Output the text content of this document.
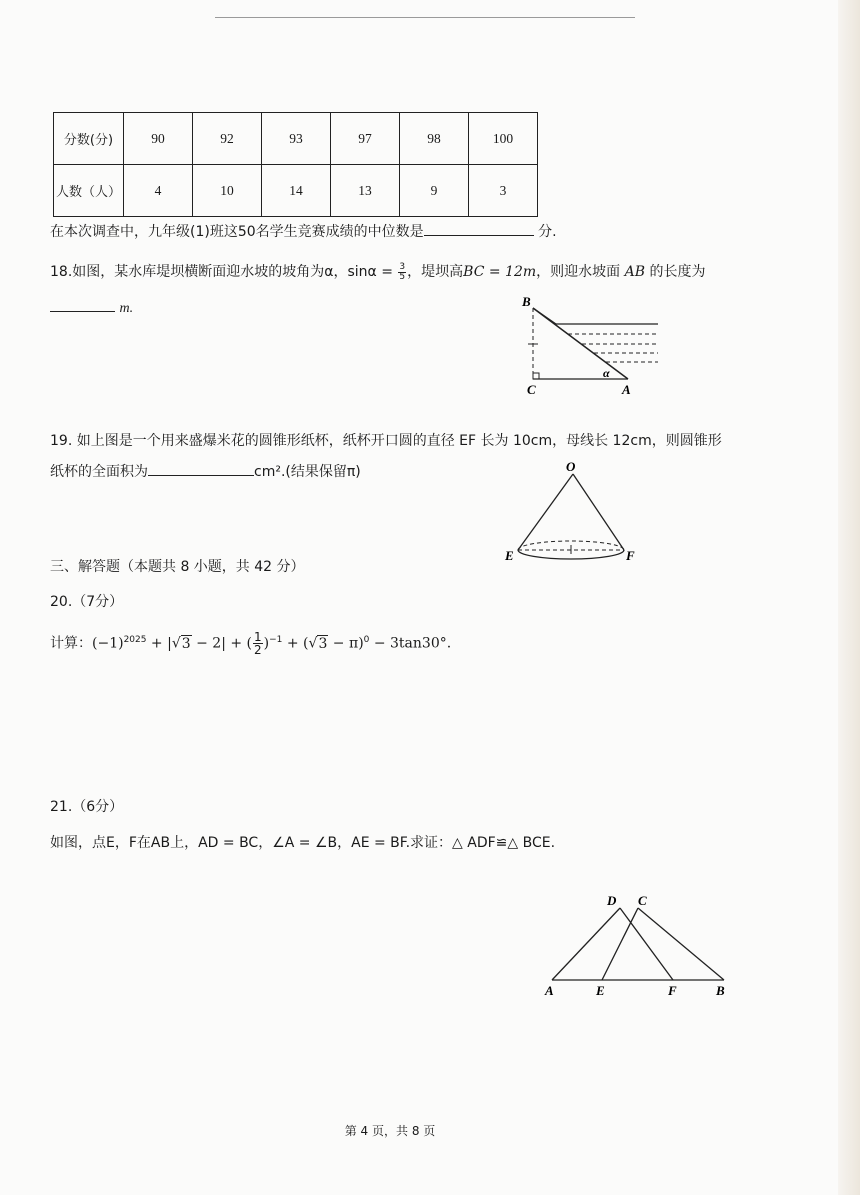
分数(分)	90	92	93	97	98	100
人数（人）	4	10	14	13	9	3
在本次调查中，九年级(1)班这50名学生竞赛成绩的中位数是	分.
18.如图，某水库堤坝横断面迎水坡的坡角为α，$\sin\alpha = \frac{3}{5}$ ，堤坝高BC = 12m，则迎水坡面 AB 的长度为
m.	B
C	A
α
19. 如上图是一个用来盛爆米花的圆锥形纸杯，纸杯开口圆的直径 EF 长为 10cm，母线长 12cm，则圆锥形
纸杯的全面积为	cm².(结果保留π)	O
E	F
三、解答题（本题共 8 小题，共 42 分）
20.（7分）
计算：$(-1)^{2025} + |√3 - 2|$ + ( $\frac{1}{2} )^{-1} + (√3 - \pi)^0 - 3\tan 30^\circ$.
21.（6分）
如图，点E，F在AB上，AD = BC，∠A = ∠B，AE = BF.求证：△ ADF≌△ BCE.
D C
A	E	F	B
第 4 页，共 8 页
